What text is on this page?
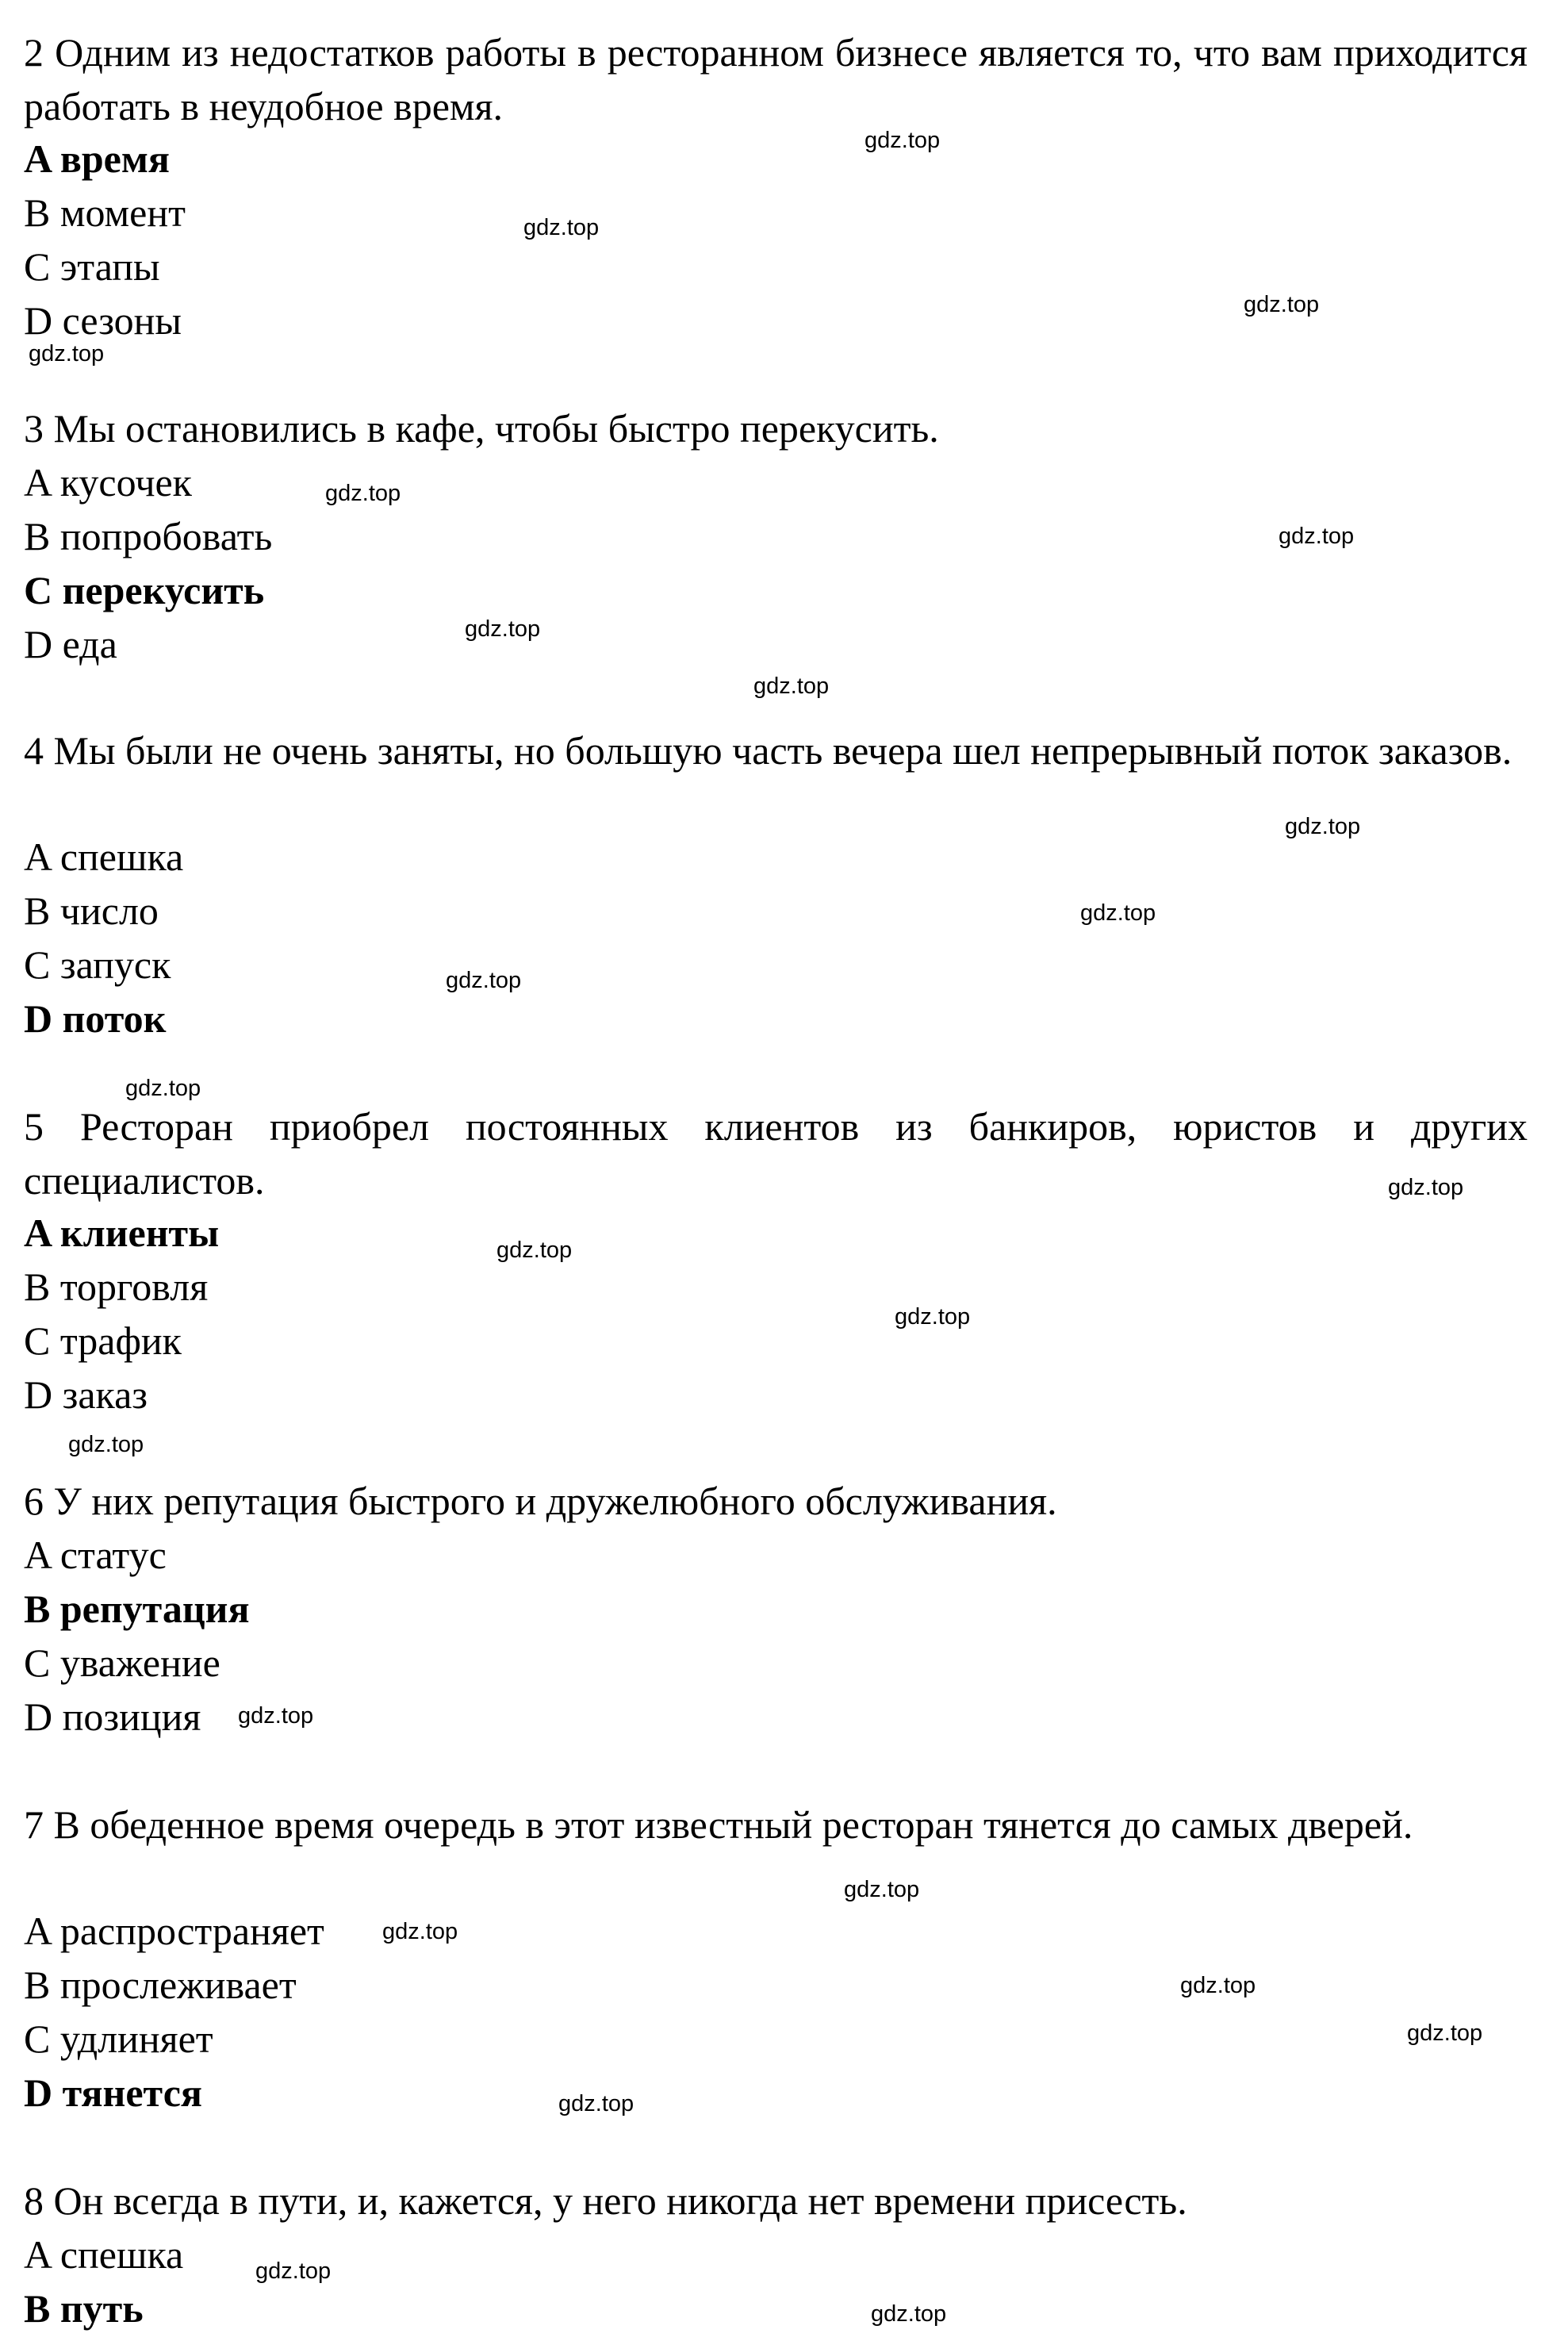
2 Одним из недостатков работы в ресторанном бизнесе является то, что вам приходится работать в неудобное время.

A время
B момент
C этапы
D сезоны

3 Мы остановились в кафе, чтобы быстро перекусить.

A кусочек
B попробовать
C перекусить
D еда

4 Мы были не очень заняты, но большую часть вечера шел непрерывный поток заказов.

A спешка
B число
C запуск
D поток

5 Ресторан приобрел постоянных клиентов из банкиров, юристов и других специалистов.

A клиенты
B торговля
C трафик
D заказ

6 У них репутация быстрого и дружелюбного обслуживания.

A статус
B репутация
C уважение
D позиция

7 В обеденное время очередь в этот известный ресторан тянется до самых дверей.

A распространяет
B прослеживает
C удлиняет
D тянется

8 Он всегда в пути, и, кажется, у него никогда нет времени присесть.

A спешка
B путь
gdz.top
gdz.top
gdz.top
gdz.top
gdz.top
gdz.top
gdz.top
gdz.top
gdz.top
gdz.top
gdz.top
gdz.top
gdz.top
gdz.top
gdz.top
gdz.top
gdz.top
gdz.top
gdz.top
gdz.top
gdz.top
gdz.top
gdz.top
gdz.top
